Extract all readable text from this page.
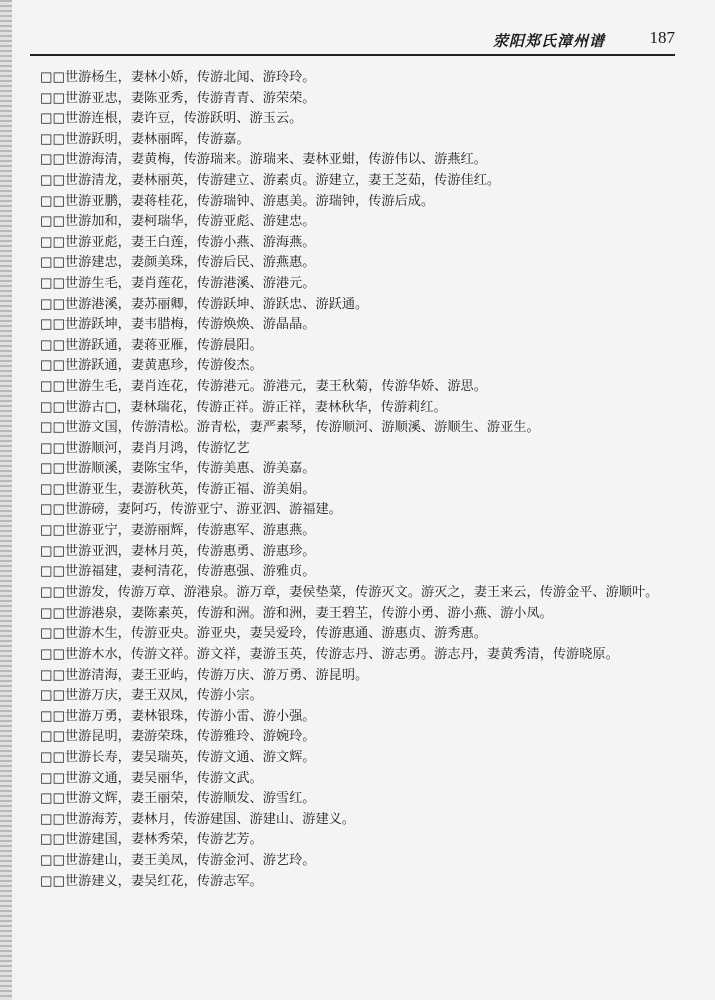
荥阳郑氏漳州谱	187
□□世游杨生，妻林小娇，传游北闻、游玲玲。
□□世游亚忠，妻陈亚秀，传游青青、游荣荣。
□□世游连根，妻许豆，传游跃明、游玉云。
□□世游跃明，妻林丽晖，传游嘉。
□□世游海清，妻黄梅，传游瑞来。游瑞来、妻林亚蚶，传游伟以、游燕红。
□□世游清龙，妻林丽英，传游建立、游素贞。游建立，妻王芝茹，传游佳红。
□□世游亚鹏，妻蒋桂花，传游瑞钟、游惠美。游瑞钟，传游后成。
□□世游加和，妻柯瑞华，传游亚彪、游建忠。
□□世游亚彪，妻王白莲，传游小燕、游海燕。
□□世游建忠，妻颜美珠，传游后民、游燕惠。
□□世游生毛，妻肖莲花，传游港溪、游港元。
□□世游港溪，妻苏丽卿，传游跃坤、游跃忠、游跃通。
□□世游跃坤，妻韦腊梅，传游焕焕、游晶晶。
□□世游跃通，妻蒋亚雁，传游晨阳。
□□世游跃通，妻黄惠珍，传游俊杰。
□□世游生毛，妻肖连花，传游港元。游港元，妻王秋菊，传游华娇、游思。
□□世游古□，妻林瑞花，传游正祥。游正祥，妻林秋华，传游莉红。
□□世游文国，传游清松。游青松，妻严素琴，传游顺河、游顺溪、游顺生、游亚生。
□□世游顺河，妻肖月鸿，传游忆艺
□□世游顺溪，妻陈宝华，传游美惠、游美嘉。
□□世游亚生，妻游秋英，传游正福、游美娟。
□□世游磅，妻阿巧，传游亚宁、游亚泗、游福建。
□□世游亚宁，妻游丽辉，传游惠军、游惠燕。
□□世游亚泗，妻林月英，传游惠勇、游惠珍。
□□世游福建，妻柯清花，传游惠强、游雅贞。
□□世游发，传游万章、游港泉。游万章，妻侯垫菜，传游灭文。游灭之，妻王来云，传游金平、游顺叶。
□□世游港泉，妻陈素英，传游和洲。游和洲，妻王碧芏，传游小勇、游小燕、游小凤。
□□世游木生，传游亚央。游亚央，妻吴爱玲，传游惠通、游惠贞、游秀惠。
□□世游木水，传游文祥。游文祥，妻游玉英，传游志丹、游志勇。游志丹，妻黄秀清，传游晓原。
□□世游清海，妻王亚屿，传游万庆、游万勇、游昆明。
□□世游万庆，妻王双凤，传游小宗。
□□世游万勇，妻林银珠，传游小雷、游小强。
□□世游昆明，妻游荣珠，传游雅玲、游婉玲。
□□世游长寿，妻吴瑞英，传游文通、游文辉。
□□世游文通，妻吴丽华，传游文武。
□□世游文辉，妻王丽荣，传游顺发、游雪红。
□□世游海芳，妻林月，传游建国、游建山、游建义。
□□世游建国，妻林秀荣，传游艺芳。
□□世游建山，妻王美凤，传游金河、游艺玲。
□□世游建义，妻吴红花，传游志军。
